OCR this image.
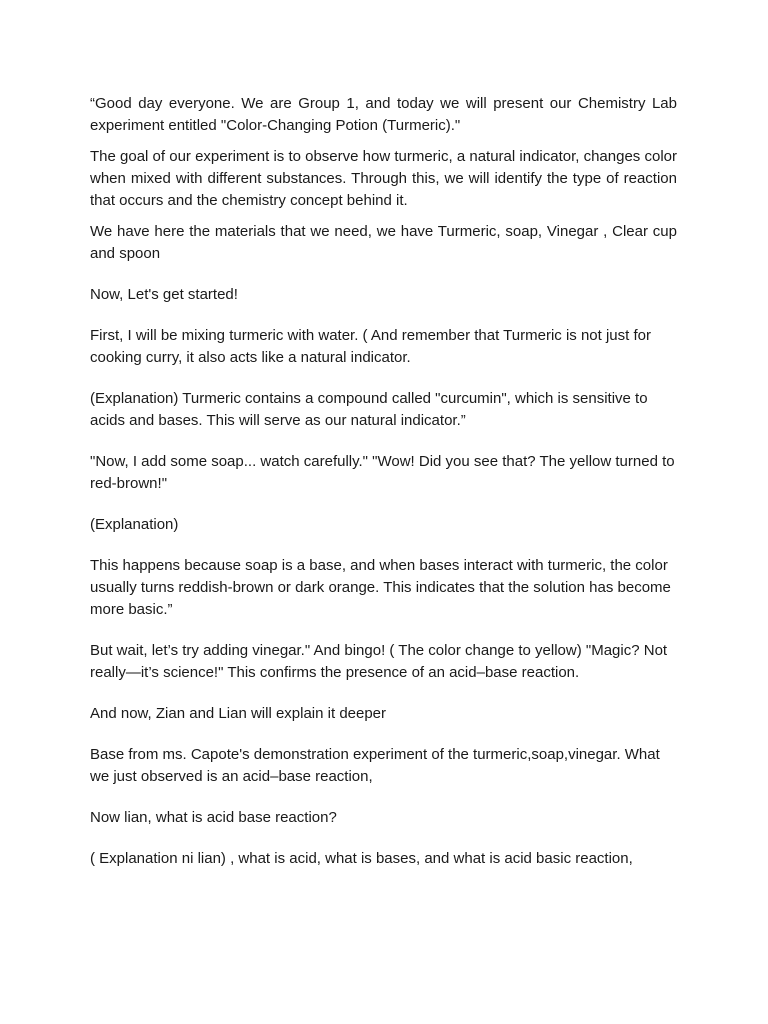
“Good day everyone. We are Group 1, and today we will present our Chemistry Lab experiment entitled "Color-Changing Potion (Turmeric)."

The goal of our experiment is to observe how turmeric, a natural indicator, changes color when mixed with different substances. Through this, we will identify the type of reaction that occurs and the chemistry concept behind it.

We have here the materials that we need, we have Turmeric, soap, Vinegar , Clear cup and spoon

Now, Let's get started!

First, I will be mixing turmeric with water. ( And remember that Turmeric is not just for cooking curry, it also acts like a natural indicator.

(Explanation) Turmeric contains a compound called "curcumin", which is sensitive to acids and bases. This will serve as our natural indicator.”

"Now, I add some soap... watch carefully." "Wow! Did you see that? The yellow turned to red-brown!"

(Explanation)

This happens because soap is a base, and when bases interact with turmeric, the color usually turns reddish-brown or dark orange. This indicates that the solution has become more basic.”

But wait, let’s try adding vinegar." And bingo! ( The color change to yellow) "Magic? Not really—it’s science!" This confirms the presence of an acid–base reaction.

And now, Zian and Lian will explain it deeper

Base from ms. Capote's demonstration experiment of the turmeric,soap,vinegar. What we just observed is an acid–base reaction,

Now lian, what is acid base reaction?

( Explanation ni lian) , what is acid, what is bases, and what is acid basic reaction,
